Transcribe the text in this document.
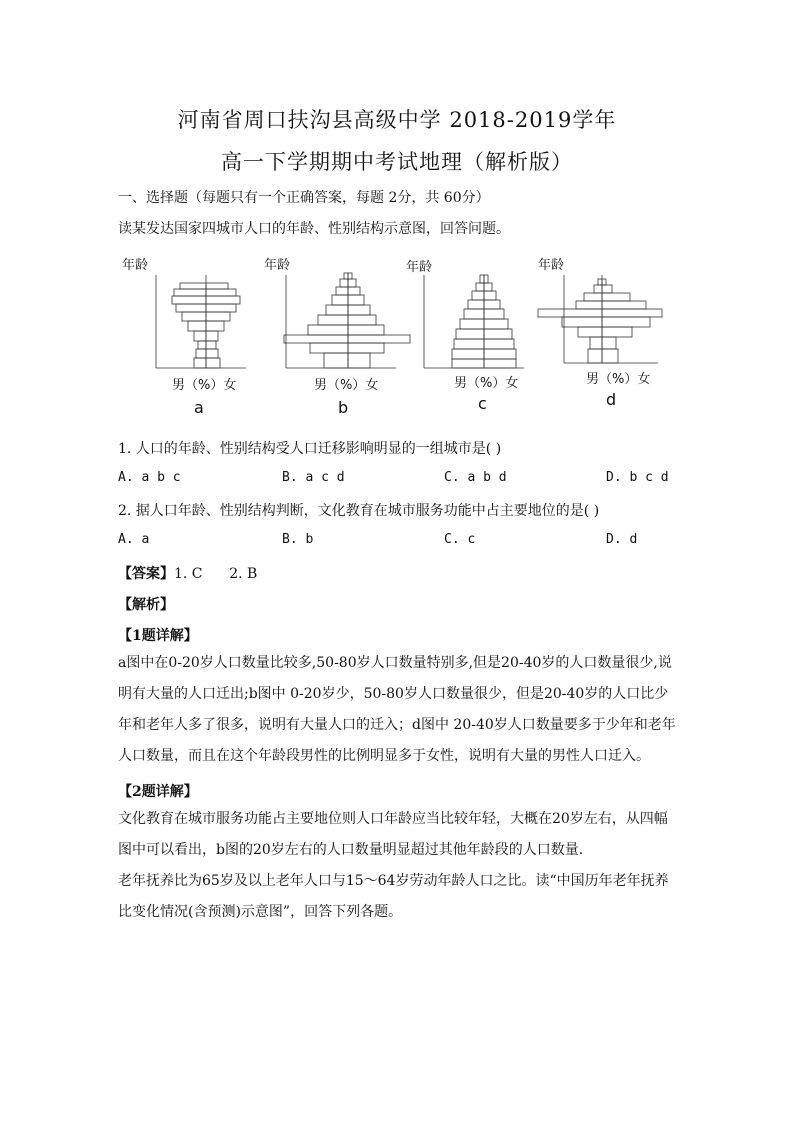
河南省周口扶沟县高级中学 2018-2019学年
高一下学期期中考试地理（解析版）
一、选择题（每题只有一个正确答案，每题 2分，共 60分）
读某发达国家四城市人口的年龄、性别结构示意图，回答问题。
年龄	年龄	年龄	年龄
男（%）女	男（%）女	男（%）女	男（%）女
a	b	c	d
1. 人口的年龄、性别结构受人口迁移影响明显的一组城市是( )
A. a b c	B. a c d	C. a b d	D. b c d
2. 据人口年龄、性别结构判断，文化教育在城市服务功能中占主要地位的是( )
A. a	B. b	C. c	D. d
【答案】1. C      2. B
【解析】
【1题详解】
a图中在0-20岁人口数量比较多,50-80岁人口数量特别多,但是20-40岁的人口数量很少,说明有大量的人口迁出;b图中 0-20岁少，50-80岁人口数量很少，但是20-40岁的人口比少年和老年人多了很多，说明有大量人口的迁入；d图中 20-40岁人口数量要多于少年和老年人口数量，而且在这个年龄段男性的比例明显多于女性，说明有大量的男性人口迁入。
【2题详解】
文化教育在城市服务功能占主要地位则人口年龄应当比较年轻，大概在20岁左右，从四幅图中可以看出，b图的20岁左右的人口数量明显超过其他年龄段的人口数量.
老年抚养比为65岁及以上老年人口与15～64岁劳动年龄人口之比。读“中国历年老年抚养比变化情况(含预测)示意图”，回答下列各题。
